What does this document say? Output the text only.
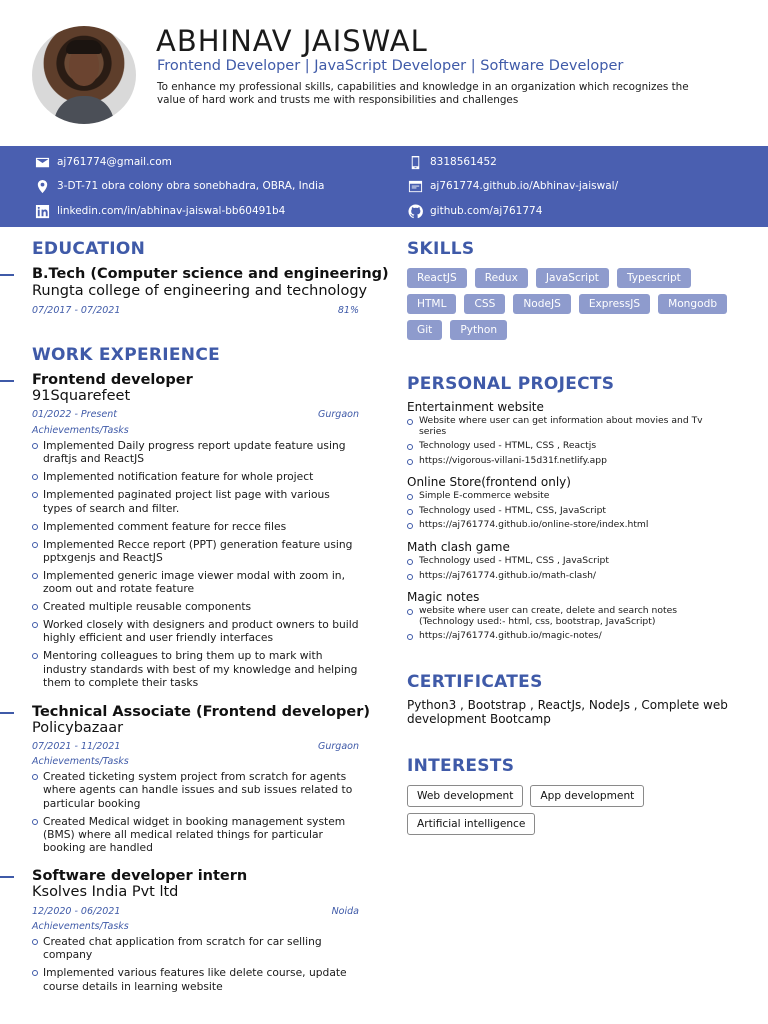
ABHINAV JAISWAL
Frontend Developer | JavaScript Developer | Software Developer
To enhance my professional skills, capabilities and knowledge in an organization which recognizes the value of hard work and trusts me with responsibilities and challenges
aj761774@gmail.com
3-DT-71 obra colony obra sonebhadra, OBRA, India
linkedin.com/in/abhinav-jaiswal-bb60491b4
8318561452
aj761774.github.io/Abhinav-jaiswal/
github.com/aj761774
EDUCATION
B.Tech (Computer science and engineering)
Rungta college of engineering and technology
07/2017 - 07/2021	81%
WORK EXPERIENCE
Frontend developer
91Squarefeet
01/2022 - Present	Gurgaon
Achievements/Tasks
Implemented Daily progress report update feature using draftjs and ReactJS
Implemented notification feature for whole project
Implemented paginated project list page with various types of search and filter.
Implemented comment feature for recce files
Implemented Recce report (PPT) generation feature using pptxgenjs and ReactJS
Implemented generic image viewer modal with zoom in, zoom out and rotate feature
Created multiple reusable components
Worked closely with designers and product owners to build highly efficient and user friendly interfaces
Mentoring colleagues to bring them up to mark with industry standards with best of my knowledge and helping them to complete their tasks
Technical Associate (Frontend developer)
Policybazaar
07/2021 - 11/2021	Gurgaon
Achievements/Tasks
Created ticketing system project from scratch for agents where agents can handle issues and sub issues related to particular booking
Created Medical widget in booking management system (BMS) where all medical related things for particular booking are handled
Software developer intern
Ksolves India Pvt ltd
12/2020 - 06/2021	Noida
Achievements/Tasks
Created chat application from scratch for car selling company
Implemented various features like delete course, update course details in learning website
SKILLS
ReactJS	Redux	JavaScript	Typescript
HTML	CSS	NodeJS	ExpressJS	Mongodb
Git	Python
PERSONAL PROJECTS
Entertainment website
Website where user can get information about movies and Tv series
Technology used - HTML, CSS , Reactjs
https://vigorous-villani-15d31f.netlify.app
Online Store(frontend only)
Simple E-commerce website
Technology used - HTML, CSS, JavaScript
https://aj761774.github.io/online-store/index.html
Math clash game
Technology used - HTML, CSS , JavaScript
https://aj761774.github.io/math-clash/
Magic notes
website where user can create, delete and search notes (Technology used:- html, css, bootstrap, JavaScript)
https://aj761774.github.io/magic-notes/
CERTIFICATES
Python3 , Bootstrap , ReactJs, NodeJs , Complete web development Bootcamp
INTERESTS
Web development	App development
Artificial intelligence
